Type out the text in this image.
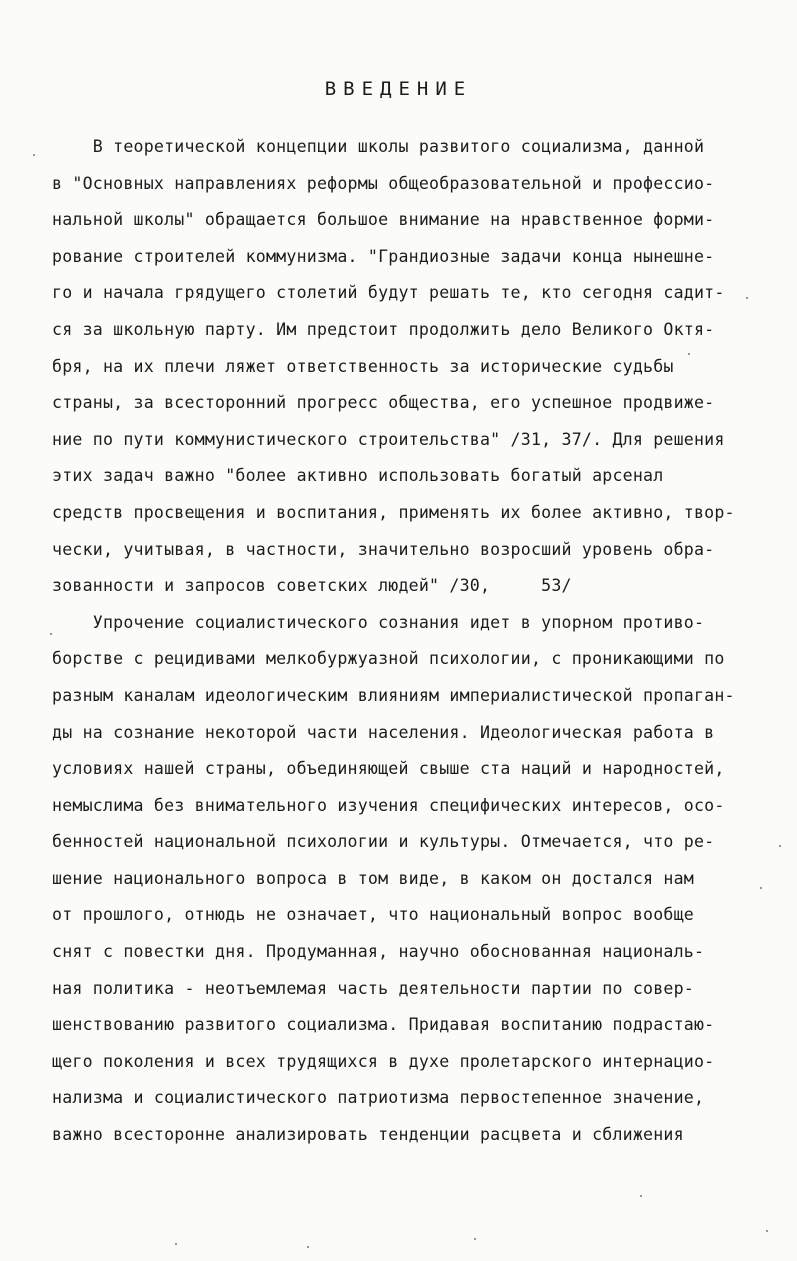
ВВЕДЕНИЕ
В теоретической концепции школы развитого социализма, данной
в "Основных направлениях реформы общеобразовательной и профессио-
нальной школы" обращается большое внимание на нравственное форми-
рование строителей коммунизма. "Грандиозные задачи конца нынешне-
го и начала грядущего столетий будут решать те, кто сегодня садит-
ся за школьную парту. Им предстоит продолжить дело Великого Октя-
бря, на их плечи ляжет ответственность за исторические судьбы
страны, за всесторонний прогресс общества, его успешное продвиже-
ние по пути коммунистического строительства" /31, 37/. Для решения
этих задач важно "более активно использовать богатый арсенал
средств просвещения и воспитания, применять их более активно, твор-
чески, учитывая, в частности, значительно возросший уровень обра-
зованности и запросов советских людей" /30,     53/
Упрочение социалистического сознания идет в упорном противо-
борстве с рецидивами мелкобуржуазной психологии, с проникающими по
разным каналам идеологическим влияниям империалистической пропаган-
ды на сознание некоторой части населения. Идеологическая работа в
условиях нашей страны, объединяющей свыше ста наций и народностей,
немыслима без внимательного изучения специфических интересов, осо-
бенностей национальной психологии и культуры. Отмечается, что ре-
шение национального вопроса в том виде, в каком он достался нам
от прошлого, отнюдь не означает, что национальный вопрос вообще
снят с повестки дня. Продуманная, научно обоснованная националь-
ная политика - неотъемлемая часть деятельности партии по совер-
шенствованию развитого социализма. Придавая воспитанию подрастаю-
щего поколения и всех трудящихся в духе пролетарского интернацио-
нализма и социалистического патриотизма первостепенное значение,
важно всесторонне анализировать тенденции расцвета и сближения
